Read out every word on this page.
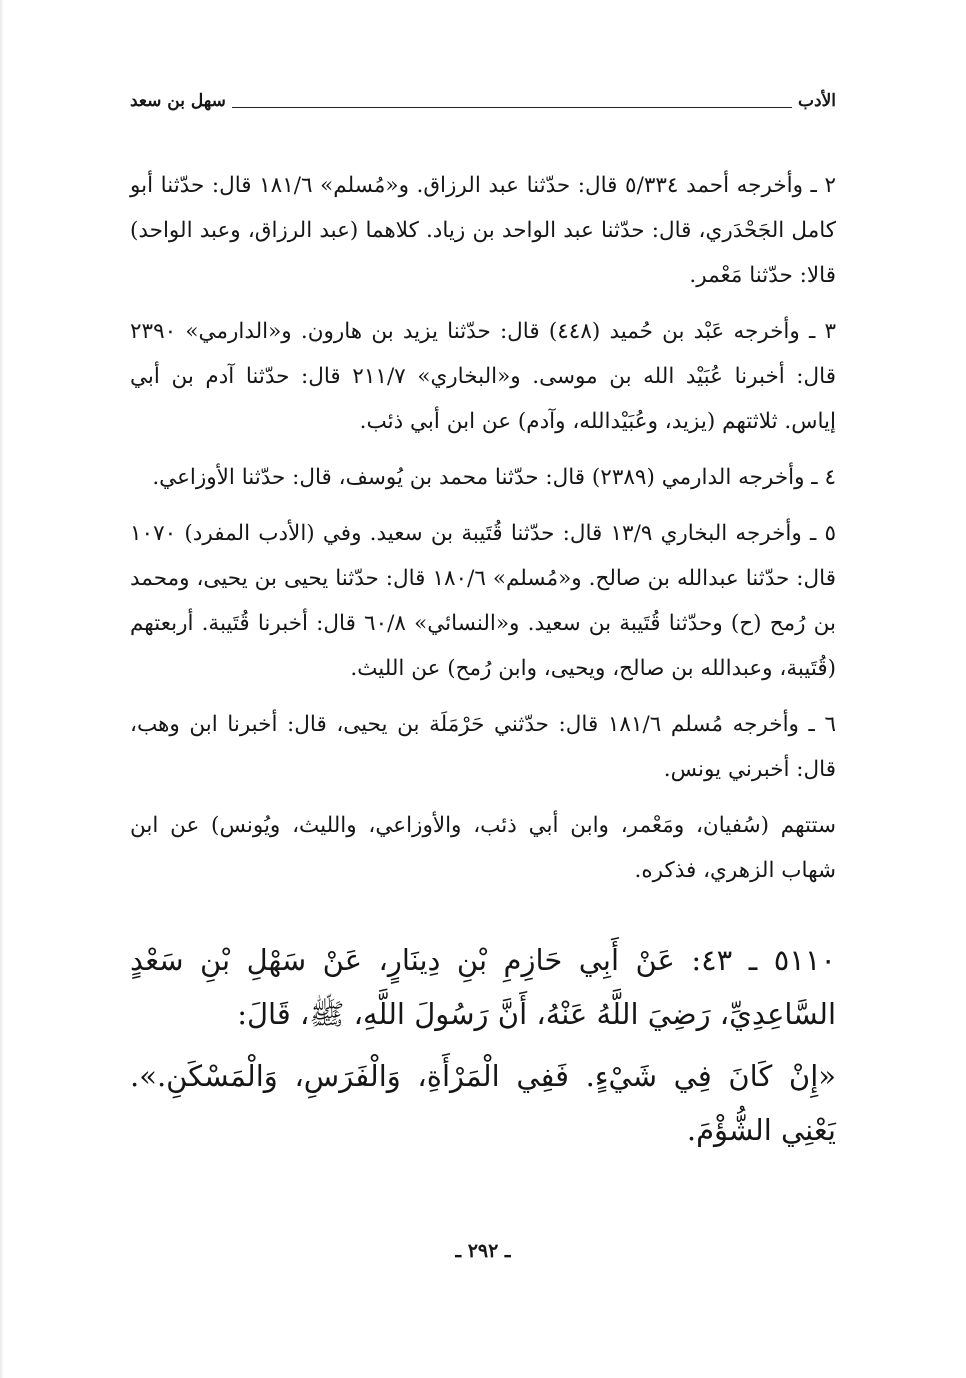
الأدب
سهل بن سعد

٢ ـ وأخرجه أحمد ٥/٣٣٤ قال: حدّثنا عبد الرزاق. و«مُسلم» ١٨١/٦ قال: حدّثنا أبو كامل الجَحْدَري، قال: حدّثنا عبد الواحد بن زياد. كلاهما (عبد الرزاق، وعبد الواحد) قالا: حدّثنا مَعْمر.

٣ ـ وأخرجه عَبْد بن حُميد (٤٤٨) قال: حدّثنا يزيد بن هارون. و«الدارمي» ٢٣٩٠ قال: أخبرنا عُبَيْد الله بن موسى. و«البخاري» ٢١١/٧ قال: حدّثنا آدم بن أبي إياس. ثلاثتهم (يزيد، وعُبَيْدالله، وآدم) عن ابن أبي ذئب.

٤ ـ وأخرجه الدارمي (٢٣٨٩) قال: حدّثنا محمد بن يُوسف، قال: حدّثنا الأوزاعي.

٥ ـ وأخرجه البخاري ١٣/٩ قال: حدّثنا قُتَيبة بن سعيد. وفي (الأدب المفرد) ١٠٧٠ قال: حدّثنا عبدالله بن صالح. و«مُسلم» ١٨٠/٦ قال: حدّثنا يحيى بن يحيى، ومحمد بن رُمح (ح) وحدّثنا قُتَيبة بن سعيد. و«النسائي» ٦٠/٨ قال: أخبرنا قُتَيبة. أربعتهم (قُتَيبة، وعبدالله بن صالح، ويحيى، وابن رُمح) عن الليث.

٦ ـ وأخرجه مُسلم ١٨١/٦ قال: حدّثني حَرْمَلَة بن يحيى، قال: أخبرنا ابن وهب، قال: أخبرني يونس.

ستتهم (سُفيان، ومَعْمر، وابن أبي ذئب، والأوزاعي، والليث، ويُونس) عن ابن شهاب الزهري، فذكره.

٥١١٠ ـ ٤٣: عَنْ أَبِي حَازِمِ بْنِ دِينَارٍ، عَنْ سَهْلِ بْنِ سَعْدٍ السَّاعِدِيِّ، رَضِيَ اللَّهُ عَنْهُ، أَنَّ رَسُولَ اللَّهِ، ﷺ، قَالَ:

«إِنْ كَانَ فِي شَيْءٍ. فَفِي الْمَرْأَةِ، وَالْفَرَسِ، وَالْمَسْكَنِ.». يَعْنِي الشُّؤْمَ.

ـ ٢٩٢ ـ
